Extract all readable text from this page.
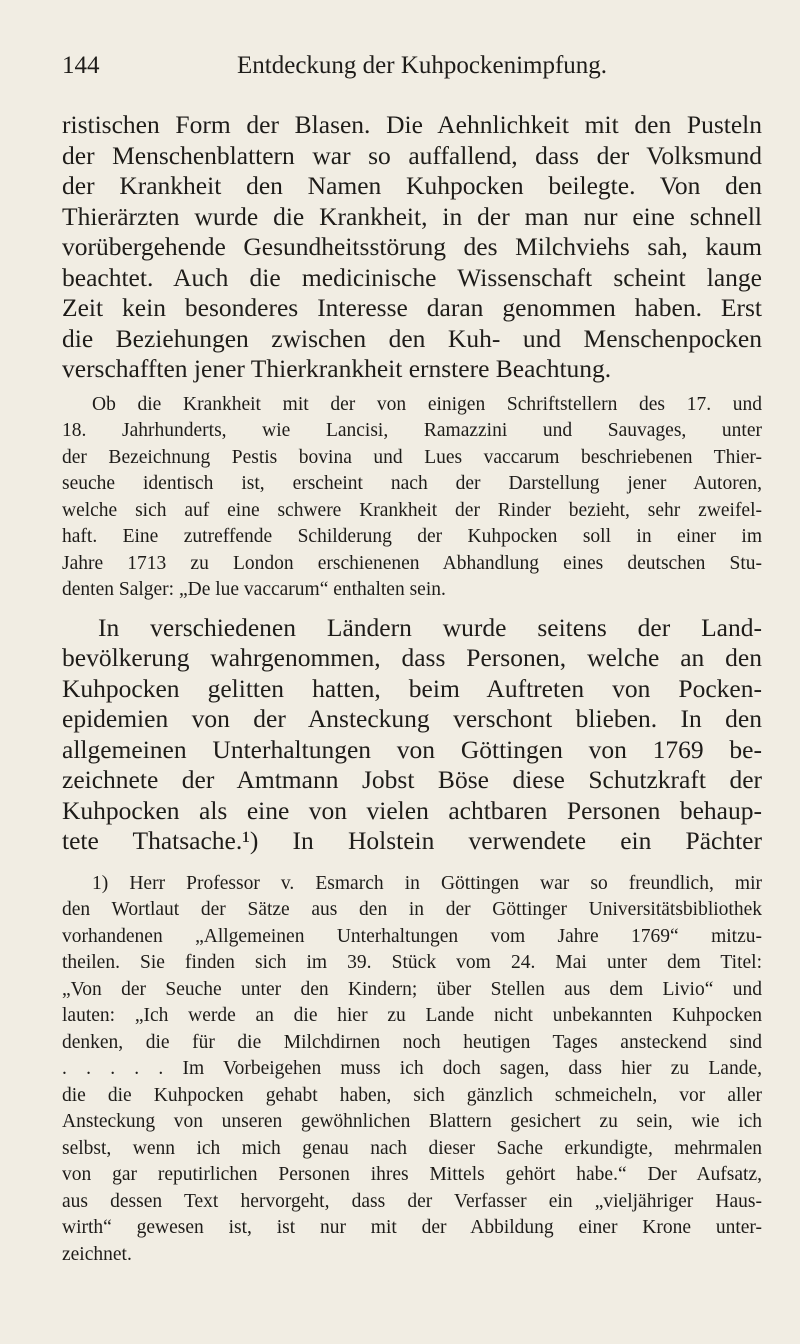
144	Entdeckung der Kuhpockenimpfung.
ristischen Form der Blasen. Die Aehnlichkeit mit den Pusteln
der Menschenblattern war so auffallend, dass der Volksmund
der Krankheit den Namen Kuhpocken beilegte. Von den
Thierärzten wurde die Krankheit, in der man nur eine schnell
vorübergehende Gesundheitsstörung des Milchviehs sah, kaum
beachtet. Auch die medicinische Wissenschaft scheint lange
Zeit kein besonderes Interesse daran genommen haben. Erst
die Beziehungen zwischen den Kuh- und Menschenpocken
verschafften jener Thierkrankheit ernstere Beachtung.
Ob die Krankheit mit der von einigen Schriftstellern des 17. und
18. Jahrhunderts, wie Lancisi, Ramazzini und Sauvages, unter
der Bezeichnung Pestis bovina und Lues vaccarum beschriebenen Thier-
seuche identisch ist, erscheint nach der Darstellung jener Autoren,
welche sich auf eine schwere Krankheit der Rinder bezieht, sehr zweifel-
haft. Eine zutreffende Schilderung der Kuhpocken soll in einer im
Jahre 1713 zu London erschienenen Abhandlung eines deutschen Stu-
denten Salger: „De lue vaccarum“ enthalten sein.
In verschiedenen Ländern wurde seitens der Land-
bevölkerung wahrgenommen, dass Personen, welche an den
Kuhpocken gelitten hatten, beim Auftreten von Pocken-
epidemien von der Ansteckung verschont blieben. In den
allgemeinen Unterhaltungen von Göttingen von 1769 be-
zeichnete der Amtmann Jobst Böse diese Schutzkraft der
Kuhpocken als eine von vielen achtbaren Personen behaup-
tete Thatsache.¹) In Holstein verwendete ein Pächter
1) Herr Professor v. Esmarch in Göttingen war so freundlich, mir
den Wortlaut der Sätze aus den in der Göttinger Universitätsbibliothek
vorhandenen „Allgemeinen Unterhaltungen vom Jahre 1769“ mitzu-
theilen. Sie finden sich im 39. Stück vom 24. Mai unter dem Titel:
„Von der Seuche unter den Kindern; über Stellen aus dem Livio“ und
lauten: „Ich werde an die hier zu Lande nicht unbekannten Kuhpocken
denken, die für die Milchdirnen noch heutigen Tages ansteckend sind
. . . . . Im Vorbeigehen muss ich doch sagen, dass hier zu Lande,
die die Kuhpocken gehabt haben, sich gänzlich schmeicheln, vor aller
Ansteckung von unseren gewöhnlichen Blattern gesichert zu sein, wie ich
selbst, wenn ich mich genau nach dieser Sache erkundigte, mehrmalen
von gar reputirlichen Personen ihres Mittels gehört habe.“ Der Aufsatz,
aus dessen Text hervorgeht, dass der Verfasser ein „vieljähriger Haus-
wirth“ gewesen ist, ist nur mit der Abbildung einer Krone unter-
zeichnet.
